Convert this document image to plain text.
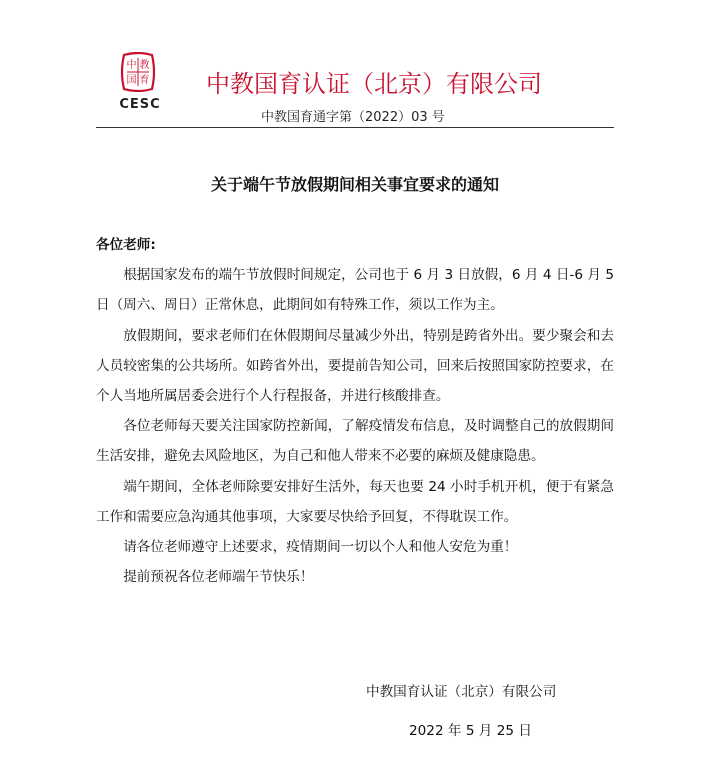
中 教
国 育
CESC
中教国育认证（北京）有限公司
中教国育通字第（2022）03 号
关于端午节放假期间相关事宜要求的通知
各位老师:

根据国家发布的端午节放假时间规定，公司也于 6 月 3 日放假，6 月 4 日-6 月 5 日（周六、周日）正常休息，此期间如有特殊工作，须以工作为主。

放假期间，要求老师们在休假期间尽量减少外出，特别是跨省外出。要少聚会和去人员较密集的公共场所。如跨省外出，要提前告知公司，回来后按照国家防控要求，在个人当地所属居委会进行个人行程报备，并进行核酸排查。

各位老师每天要关注国家防控新闻，了解疫情发布信息，及时调整自己的放假期间生活安排，避免去风险地区，为自己和他人带来不必要的麻烦及健康隐患。

端午期间，全体老师除要安排好生活外，每天也要 24 小时手机开机，便于有紧急工作和需要应急沟通其他事项，大家要尽快给予回复，不得耽误工作。

请各位老师遵守上述要求，疫情期间一切以个人和他人安危为重！

提前预祝各位老师端午节快乐！

中教国育认证（北京）有限公司
2022 年 5 月 25 日
